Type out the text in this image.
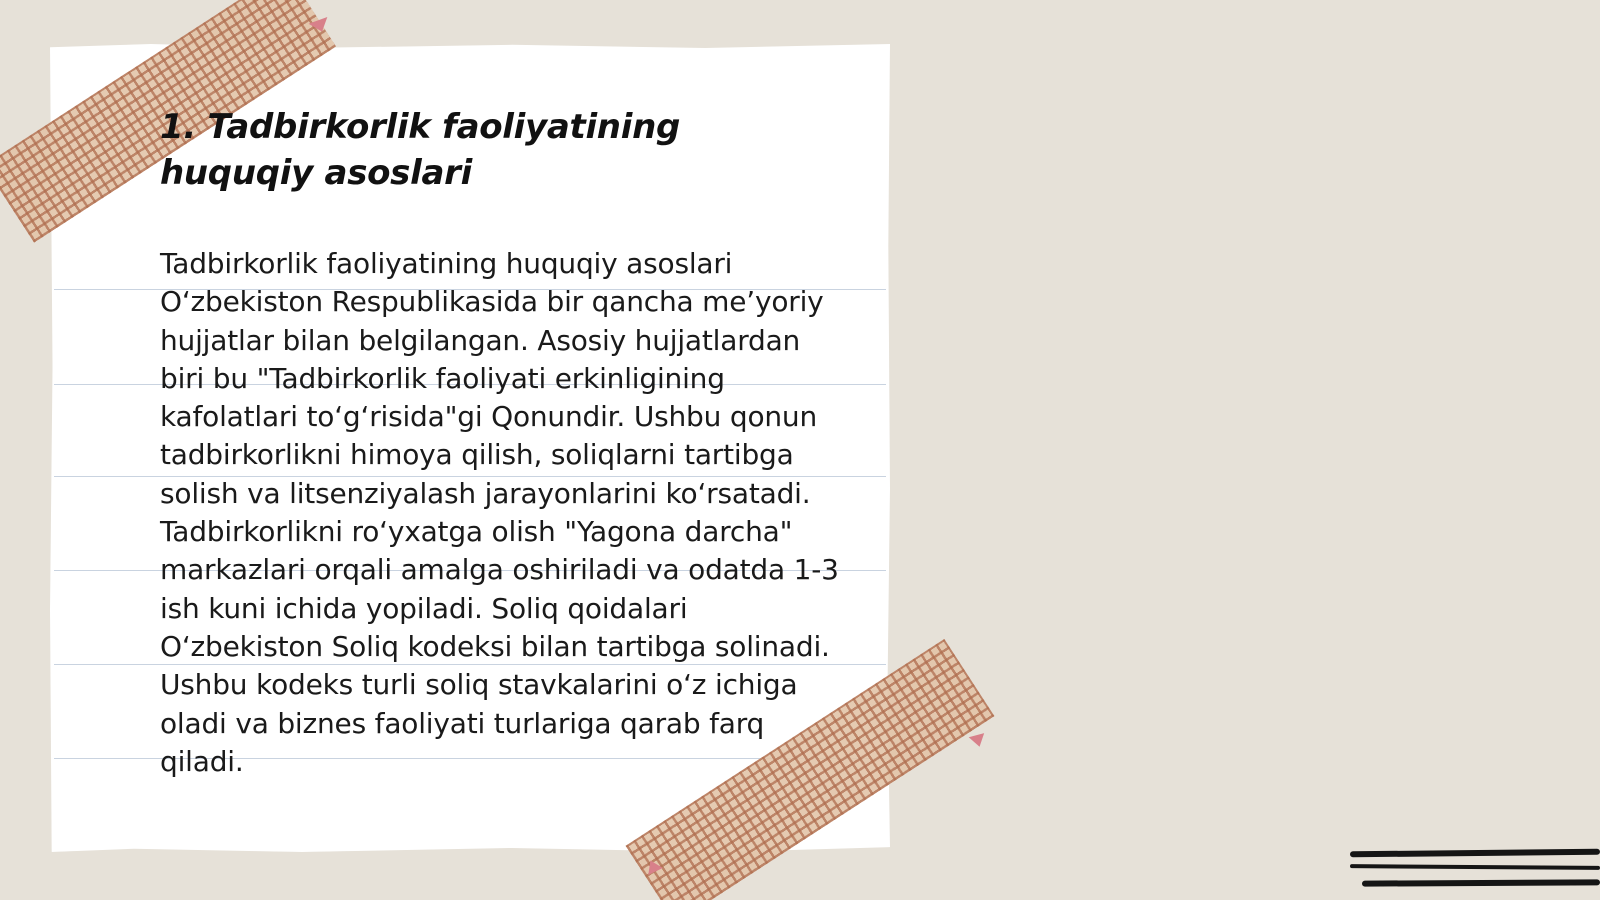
1. Tadbirkorlik faoliyatining huquqiy asoslari

Tadbirkorlik faoliyatining huquqiy asoslari O‘zbekiston Respublikasida bir qancha me’yoriy hujjatlar bilan belgilangan. Asosiy hujjatlardan biri bu "Tadbirkorlik faoliyati erkinligining kafolatlari to‘g‘risida"gi Qonundir. Ushbu qonun tadbirkorlikni himoya qilish, soliqlarni tartibga solish va litsenziyalash jarayonlarini ko‘rsatadi. Tadbirkorlikni ro‘yxatga olish "Yagona darcha" markazlari orqali amalga oshiriladi va odatda 1-3 ish kuni ichida yopiladi. Soliq qoidalari O‘zbekiston Soliq kodeksi bilan tartibga solinadi. Ushbu kodeks turli soliq stavkalarini o‘z ichiga oladi va biznes faoliyati turlariga qarab farq qiladi.
